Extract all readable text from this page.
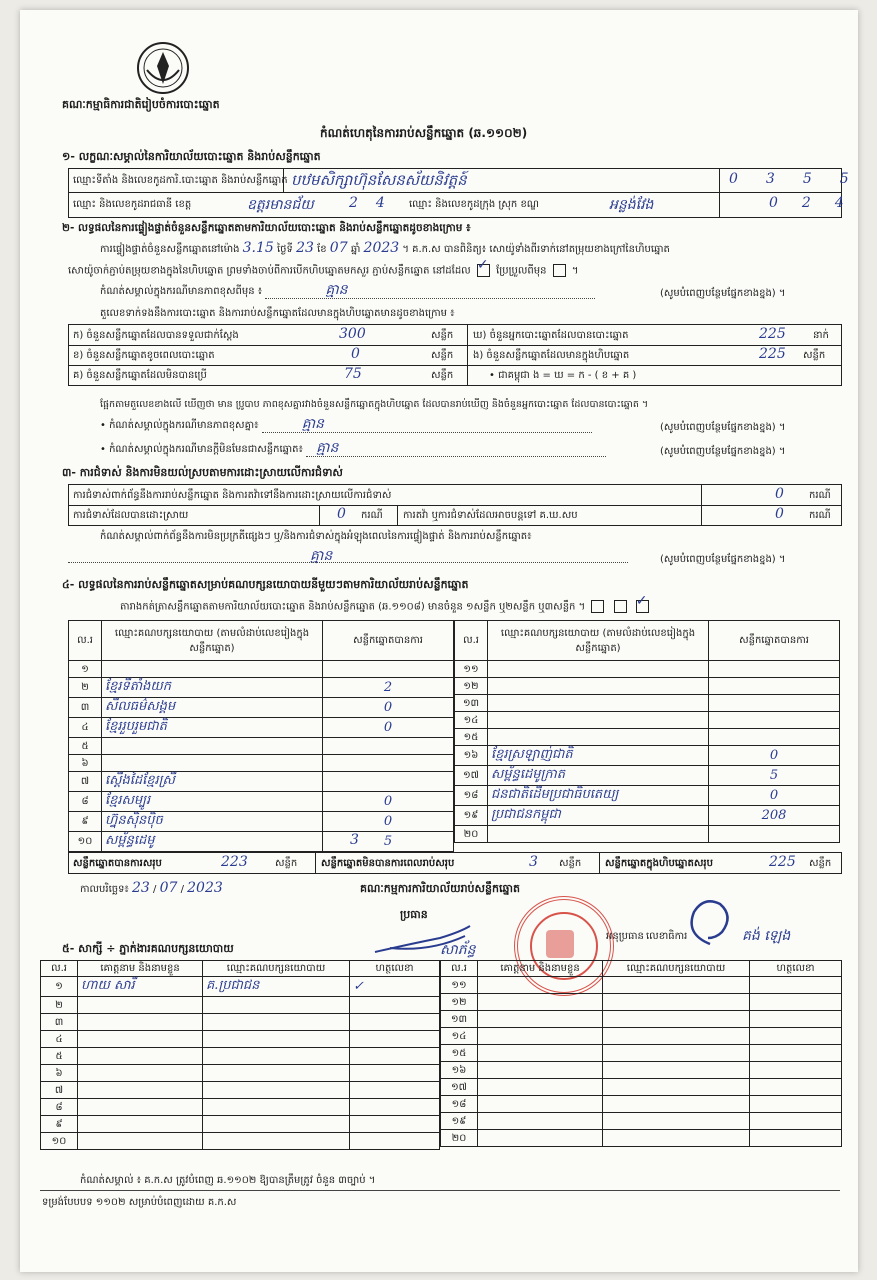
គណៈកម្មាធិការជាតិរៀបចំការបោះឆ្នោត
កំណត់ហេតុនៃការរាប់សន្លឹកឆ្នោត (ឆ.១១០២)
១- លក្ខណៈសម្គាល់នៃការិយាល័យបោះឆ្នោត និងរាប់សន្លឹកឆ្នោត
ឈ្មោះទីតាំង និងលេខកូដការិ.បោះឆ្នោត និងរាប់សន្លឹកឆ្នោត បឋមសិក្សាហ៊ុនសែនស័យនិវត្តន៍	0355
ឈ្មោះ និងលេខកូដរាជធានី ខេត្ត	ឧត្ដរមានជ័យ	24 ឈ្មោះ និងលេខកូដក្រុង ស្រុក ខណ្ឌ	អន្លង់វែង	024
២- លទ្ធផលនៃការផ្ទៀងផ្ទាត់ចំនួនសន្លឹកឆ្នោតតាមការិយាល័យបោះឆ្នោត និងរាប់សន្លឹកឆ្នោតដូចខាងក្រោម ៖
ការផ្ទៀងផ្ទាត់ចំនួនសន្លឹកឆ្នោតនៅម៉ោង 3.15 ថ្ងៃទី 23 ខែ 07 ឆ្នាំ 2023 ។ គ.ក.ស បានពិនិត្យ៖ សោយ៉ូទាំងពីរទាក់នៅតម្រុយខាងក្រៅនៃហិបឆ្នោត
សោយ៉ូចាក់ភ្ជាប់តម្រុយខាងក្នុងនៃហិបឆ្នោត ព្រមទាំងចាប់ពីការបើកហិបឆ្នោតមកសួរ ភ្ជាប់សន្លឹកឆ្នោត នៅដដែល ✓	ប្រែប្រួលពីមុន  ។
កំណត់សម្គាល់ក្នុងករណីមានភាពខុសពីមុន ៖	គ្មាន	(សូមបំពេញបន្ថែមផ្នែកខាងខ្នង) ។
តួលេខទាក់ទងនឹងការបោះឆ្នោត និងការរាប់សន្លឹកឆ្នោតដែលមានក្នុងហិបឆ្នោតមានដូចខាងក្រោម ៖
ក) ចំនួនសន្លឹកឆ្នោតដែលបានទទួលជាក់ស្ដែង	300	សន្លឹក
ខ) ចំនួនសន្លឹកឆ្នោតខូចពេលបោះឆ្នោត	0	សន្លឹក
គ) ចំនួនសន្លឹកឆ្នោតដែលមិនបានប្រើ	75	សន្លឹក
ឃ) ចំនួនអ្នកបោះឆ្នោតដែលបានបោះឆ្នោត	225	នាក់
ង) ចំនួនសន្លឹកឆ្នោតដែលមានក្នុងហិបឆ្នោត	225 សន្លឹក
• ជាគម្ពុជា ង = ឃ = ក - ( ខ + គ )
ផ្អែកតាមតួលេខខាងលើ ឃើញថា មាន ប្រូបាប ភាពខុសគ្នារវាងចំនួនសន្លឹកឆ្នោតក្នុងហិបឆ្នោត ដែលបានរាប់ឃើញ និងចំនួនអ្នកបោះឆ្នោត ដែលបានបោះឆ្នោត ។
• កំណត់សម្គាល់ក្នុងករណីមានភាពខុសគ្នា៖	គ្មាន	(សូមបំពេញបន្ថែមផ្នែកខាងខ្នង) ។
• កំណត់សម្គាល់ក្នុងករណីមានក្តីមិនមែនជាសន្លឹកឆ្នោត៖ គ្មាន	(សូមបំពេញបន្ថែមផ្នែកខាងខ្នង) ។
៣- ការជំទាស់ និងការមិនយល់ស្របតាមការដោះស្រាយលើការជំទាស់
ការជំទាស់ពាក់ព័ន្ធនឹងការរាប់សន្លឹកឆ្នោត និងការតវ៉ាទៅនឹងការដោះស្រាយលើការជំទាស់	0	ករណី
ការជំទាស់ដែលបានដោះស្រាយ	0 ករណី ការតវ៉ា ឬការជំទាស់ដែលអាចបន្ដទៅ គ.ឃ.សប	0	ករណី
កំណត់សម្គាល់ពាក់ព័ន្ធនឹងការមិនប្រក្រតីផ្សេងៗ ឬ/និងការជំទាស់ក្នុងអំឡុងពេលនៃការផ្ទៀងផ្ទាត់ និងការរាប់សន្លឹកឆ្នោត៖
គ្មាន	(សូមបំពេញបន្ថែមផ្នែកខាងខ្នង) ។
៤- លទ្ធផលនៃការរាប់សន្លឹកឆ្នោតសម្រាប់គណបក្សនយោបាយនីមួយៗតាមការិយាល័យរាប់សន្លឹកឆ្នោត
តារាងកត់ត្រាសន្លឹកឆ្នោតតាមការិយាល័យបោះឆ្នោត និងរាប់សន្លឹកឆ្នោត (ឆ.១១០៨) មានចំនួន ១សន្លឹក ឬ២សន្លឹក ឬ៣សន្លឹក ។   ✓
ល.រ	ឈ្មោះគណបក្សនយោបាយ (តាមលំដាប់លេខរៀងក្នុងសន្លឹកឆ្នោត)	សន្លឹកឆ្នោតបានការ
១		
២	ខ្មែរទីតាំងយក	2
៣	សីលធម៌សង្គម	0
៤	ខ្មែររួបរួមជាតិ	0
៥		
៦		
៧	ស្ដើងដៃខ្មែរស្រី	
៨	ខ្មែរសម្បូរ	0
៩	ហ្វ៊ុនស៊ិនប៉ិច	0
១០	សម្ព័ន្ធដេមូ	5
ល.រ	ឈ្មោះគណបក្សនយោបាយ (តាមលំដាប់លេខរៀងក្នុងសន្លឹកឆ្នោត)	សន្លឹកឆ្នោតបានការ
១១		
១២		
១៣		
១៤		
១៥		
១៦	ខ្មែរស្រឡាញ់ជាតិ	0
១៧	សម្ព័ន្ធដេមូក្រាត	5
១៨	ជនជាតិដើមប្រជាធិបតេយ្យ	0
១៩	ប្រជាជនកម្ពុជា	208
២០		
3
សន្លឹកឆ្នោតបានការសរុប	223	សន្លឹក សន្លឹកឆ្នោតមិនបានការពេលរាប់សរុប	3 សន្លឹក សន្លឹកឆ្នោតក្នុងហិបឆ្នោតសរុប	225 សន្លឹក
កាលបរិច្ឆេទ៖ 23 / 07 / 2023	គណៈកម្មការការិយាល័យរាប់សន្លឹកឆ្នោត
ប្រធាន
សាភ័ន្ធ
អនុប្រធាន លេខាធិការ	គង់ ឡេង
៥- សាក្សី ÷ ភ្នាក់ងារគណបក្សនយោបាយ
ល.រ	គោត្តនាម និងនាមខ្លួន	ឈ្មោះគណបក្សនយោបាយ	ហត្ថលេខា
១	ហាយ សារី	គ.ប្រជាជន	✓
២			
៣			
៤			
៥			
៦			
៧			
៨			
៩			
១០			
ល.រ	គោត្តនាម និងនាមខ្លួន	ឈ្មោះគណបក្សនយោបាយ	ហត្ថលេខា
១១			
១២			
១៣			
១៤			
១៥			
១៦			
១៧			
១៨			
១៩			
២០			
កំណត់សម្គាល់ ៖ គ.ក.ស ត្រូវបំពេញ ឆ.១១០២ ឱ្យបានត្រឹមត្រូវ ចំនួន ៣ច្បាប់ ។
ទម្រង់បែបបទ ១១០២ សម្រាប់បំពេញដោយ គ.ក.ស
